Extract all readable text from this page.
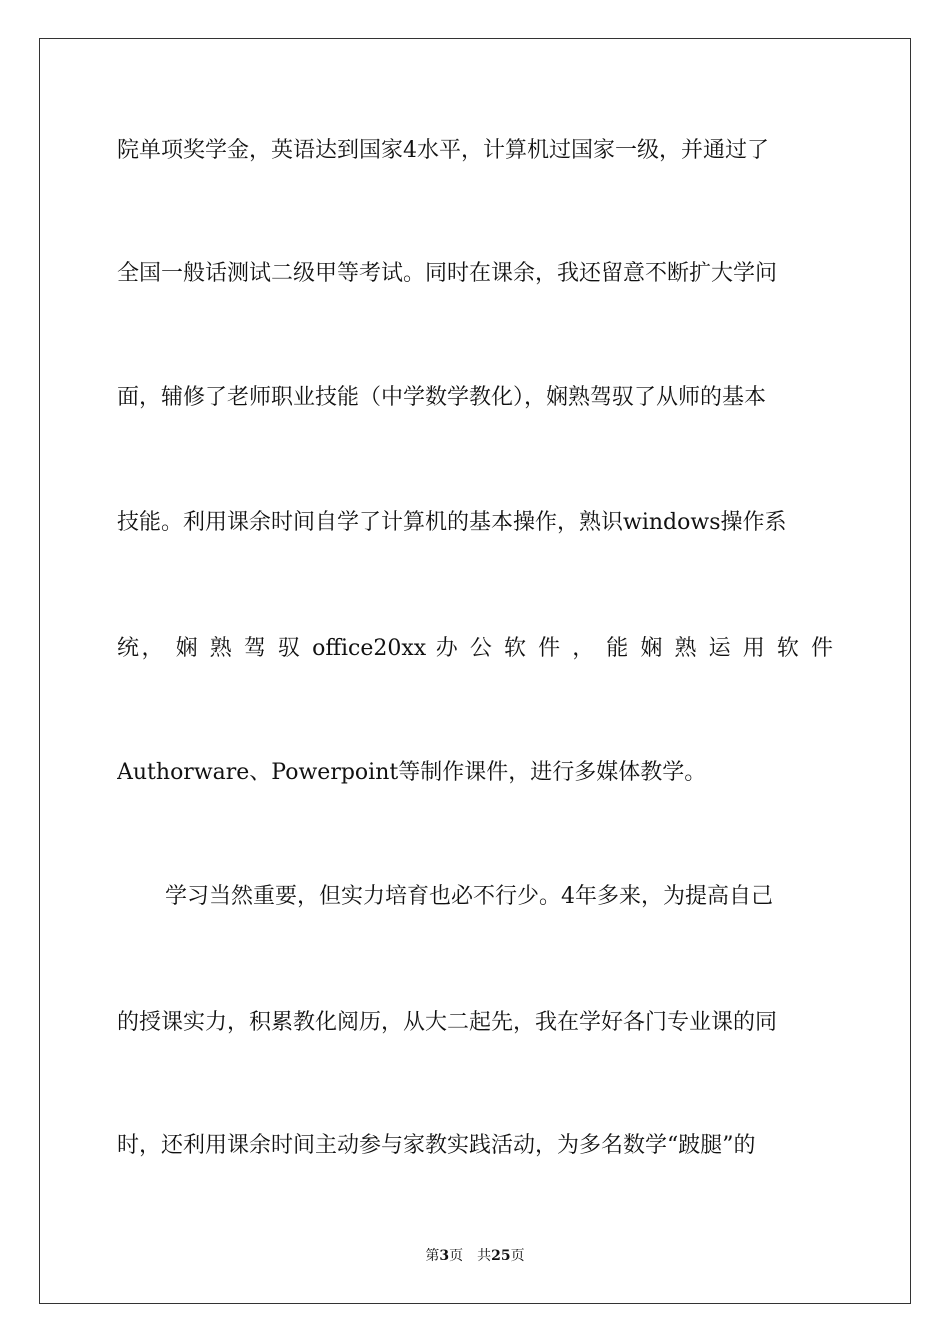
院单项奖学金，英语达到国家4水平，计算机过国家一级，并通过了
全国一般话测试二级甲等考试。同时在课余，我还留意不断扩大学问
面，辅修了老师职业技能（中学数学教化），娴熟驾驭了从师的基本
技能。利用课余时间自学了计算机的基本操作，熟识windows操作系
统， 娴 熟 驾 驭 office20xx 办 公 软 件 ， 能 娴 熟 运 用 软 件
Authorware、Powerpoint等制作课件，进行多媒体教学。
学习当然重要，但实力培育也必不行少。4年多来，为提高自己
的授课实力，积累教化阅历，从大二起先，我在学好各门专业课的同
时，还利用课余时间主动参与家教实践活动，为多名数学“跛腿”的
第3页　共25页
